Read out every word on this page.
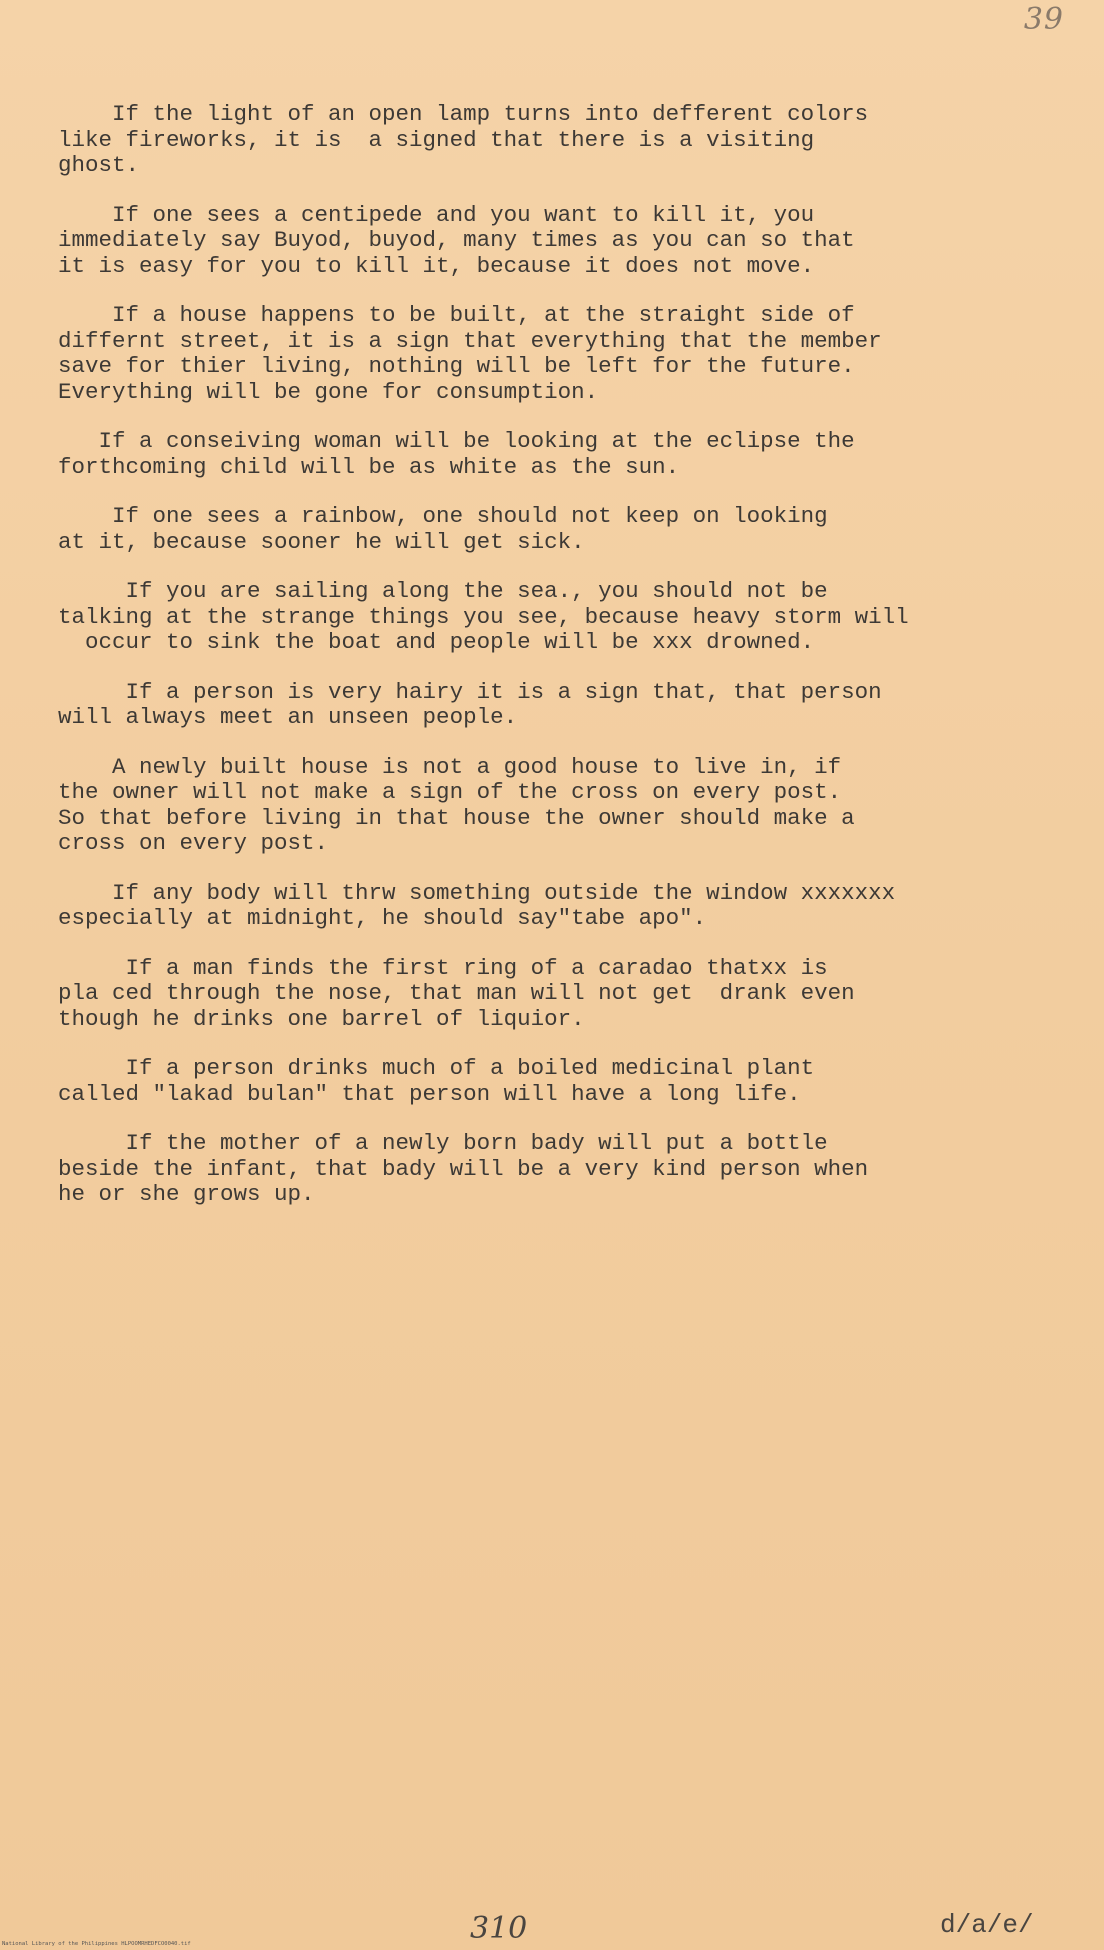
39

If the light of an open lamp turns into defferent colors
like fireworks, it is  a signed that there is a visiting
ghost.

If one sees a centipede and you want to kill it, you
immediately say Buyod, buyod, many times as you can so that
it is easy for you to kill it, because it does not move.

If a house happens to be built, at the straight side of
differnt street, it is a sign that everything that the member
save for thier living, nothing will be left for the future.
Everything will be gone for consumption.

If a conseiving woman will be looking at the eclipse the
forthcoming child will be as white as the sun.

If one sees a rainbow, one should not keep on looking
at it, because sooner he will get sick.

If you are sailing along the sea., you should not be
talking at the strange things you see, because heavy storm will
occur to sink the boat and people will be xxx drowned.

If a person is very hairy it is a sign that, that person
will always meet an unseen people.

A newly built house is not a good house to live in, if
the owner will not make a sign of the cross on every post.
So that before living in that house the owner should make a
cross on every post.

If any body will thrw something outside the window xxxxxxx
especially at midnight, he should say"tabe apo".

If a man finds the first ring of a caradao thatxx is
pla ced through the nose, that man will not get  drank even
though he drinks one barrel of liquior.

If a person drinks much of a boiled medicinal plant
called "lakad bulan" that person will have a long life.

If the mother of a newly born bady will put a bottle
beside the infant, that bady will be a very kind person when
he or she grows up.

National Library of the Philippines HLPOOMRHEDFCO0040.tif	310	d/a/e/
